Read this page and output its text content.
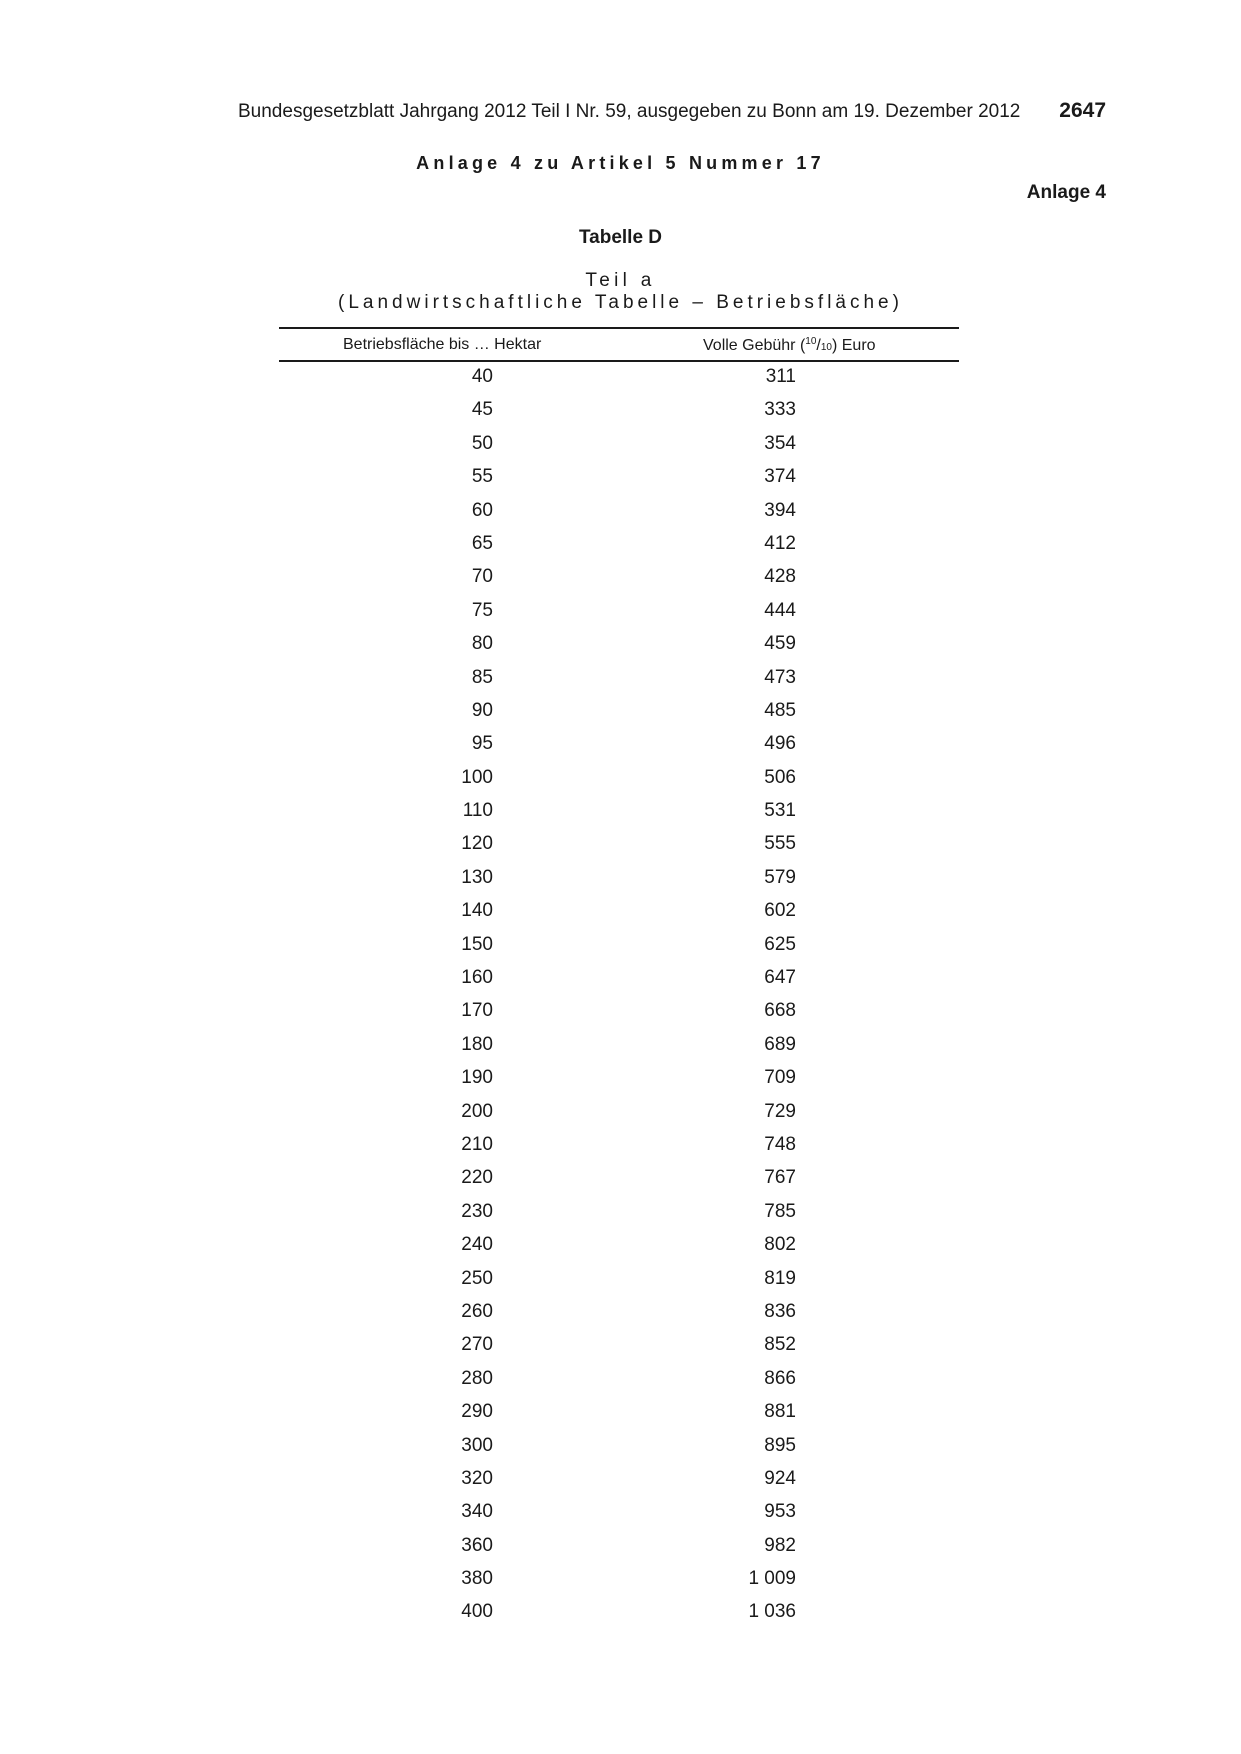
Bundesgesetzblatt Jahrgang 2012 Teil I Nr. 59, ausgegeben zu Bonn am 19. Dezember 2012 2647
Anlage 4 zu Artikel 5 Nummer 17
Anlage 4
Tabelle D
Teil a
(Landwirtschaftliche Tabelle – Betriebsfläche)
Betriebsfläche bis … Hektar	Volle Gebühr ($^{10}$/10) Euro
40	311
45	333
50	354
55	374
60	394
65	412
70	428
75	444
80	459
85	473
90	485
95	496
100	506
110	531
120	555
130	579
140	602
150	625
160	647
170	668
180	689
190	709
200	729
210	748
220	767
230	785
240	802
250	819
260	836
270	852
280	866
290	881
300	895
320	924
340	953
360	982
380	1 009
400	1 036
